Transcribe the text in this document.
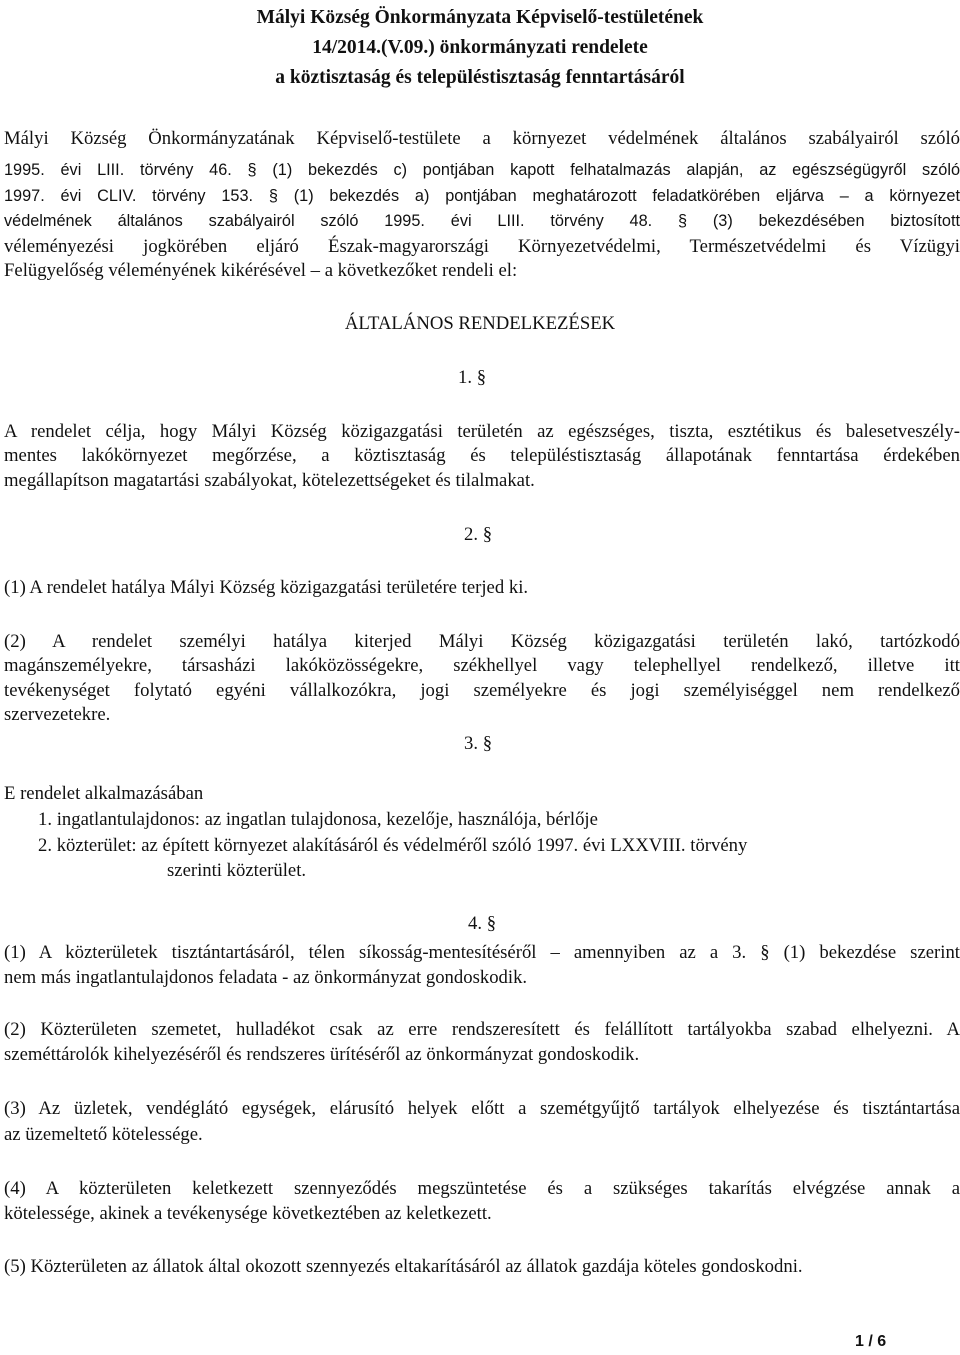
Mályi Község Önkormányzata Képviselő-testületének
14/2014.(V.09.) önkormányzati rendelete
a köztisztaság és településtisztaság fenntartásáról
Mályi Község Önkormányzatának Képviselő-testülete a környezet védelmének általános szabályairól szóló
1995. évi LIII. törvény 46. § (1) bekezdés c) pontjában kapott felhatalmazás alapján, az egészségügyről szóló
1997. évi CLIV. törvény 153. § (1) bekezdés a) pontjában meghatározott feladatkörében eljárva – a környezet
védelmének általános szabályairól szóló 1995. évi LIII. törvény 48. § (3) bekezdésében biztosított
véleményezési jogkörében eljáró Észak-magyarországi Környezetvédelmi, Természetvédelmi és Vízügyi
Felügyelőség véleményének kikérésével – a következőket rendeli el:
ÁLTALÁNOS RENDELKEZÉSEK
1. §
A rendelet célja, hogy Mályi Község közigazgatási területén az egészséges, tiszta, esztétikus és balesetveszély-
mentes lakókörnyezet megőrzése, a köztisztaság és településtisztaság állapotának fenntartása érdekében
megállapítson magatartási szabályokat, kötelezettségeket és tilalmakat.
2. §
(1) A rendelet hatálya Mályi Község közigazgatási területére terjed ki.
(2) A rendelet személyi hatálya kiterjed Mályi Község közigazgatási területén lakó, tartózkodó
magánszemélyekre, társasházi lakóközösségekre, székhellyel vagy telephellyel rendelkező, illetve itt
tevékenységet folytató egyéni vállalkozókra, jogi személyekre és jogi személyiséggel nem rendelkező
szervezetekre.
3. §
E rendelet alkalmazásában
1. ingatlantulajdonos: az ingatlan tulajdonosa, kezelője, használója, bérlője
2. közterület: az épített környezet alakításáról és védelméről szóló 1997. évi LXXVIII. törvény
szerinti közterület.
4. §
(1) A közterületek tisztántartásáról, télen síkosság-mentesítéséről – amennyiben az a 3. § (1) bekezdése szerint
nem más ingatlantulajdonos feladata - az önkormányzat gondoskodik.
(2) Közterületen szemetet, hulladékot csak az erre rendszeresített és felállított tartályokba szabad elhelyezni. A
szeméttárolók kihelyezéséről és rendszeres ürítéséről az önkormányzat gondoskodik.
(3) Az üzletek, vendéglátó egységek, elárusító helyek előtt a szemétgyűjtő tartályok elhelyezése és tisztántartása
az üzemeltető kötelessége.
(4) A közterületen keletkezett szennyeződés megszüntetése és a szükséges takarítás elvégzése annak a
kötelessége, akinek a tevékenysége következtében az keletkezett.
(5) Közterületen az állatok által okozott szennyezés eltakarításáról az állatok gazdája köteles gondoskodni.
1 / 6
